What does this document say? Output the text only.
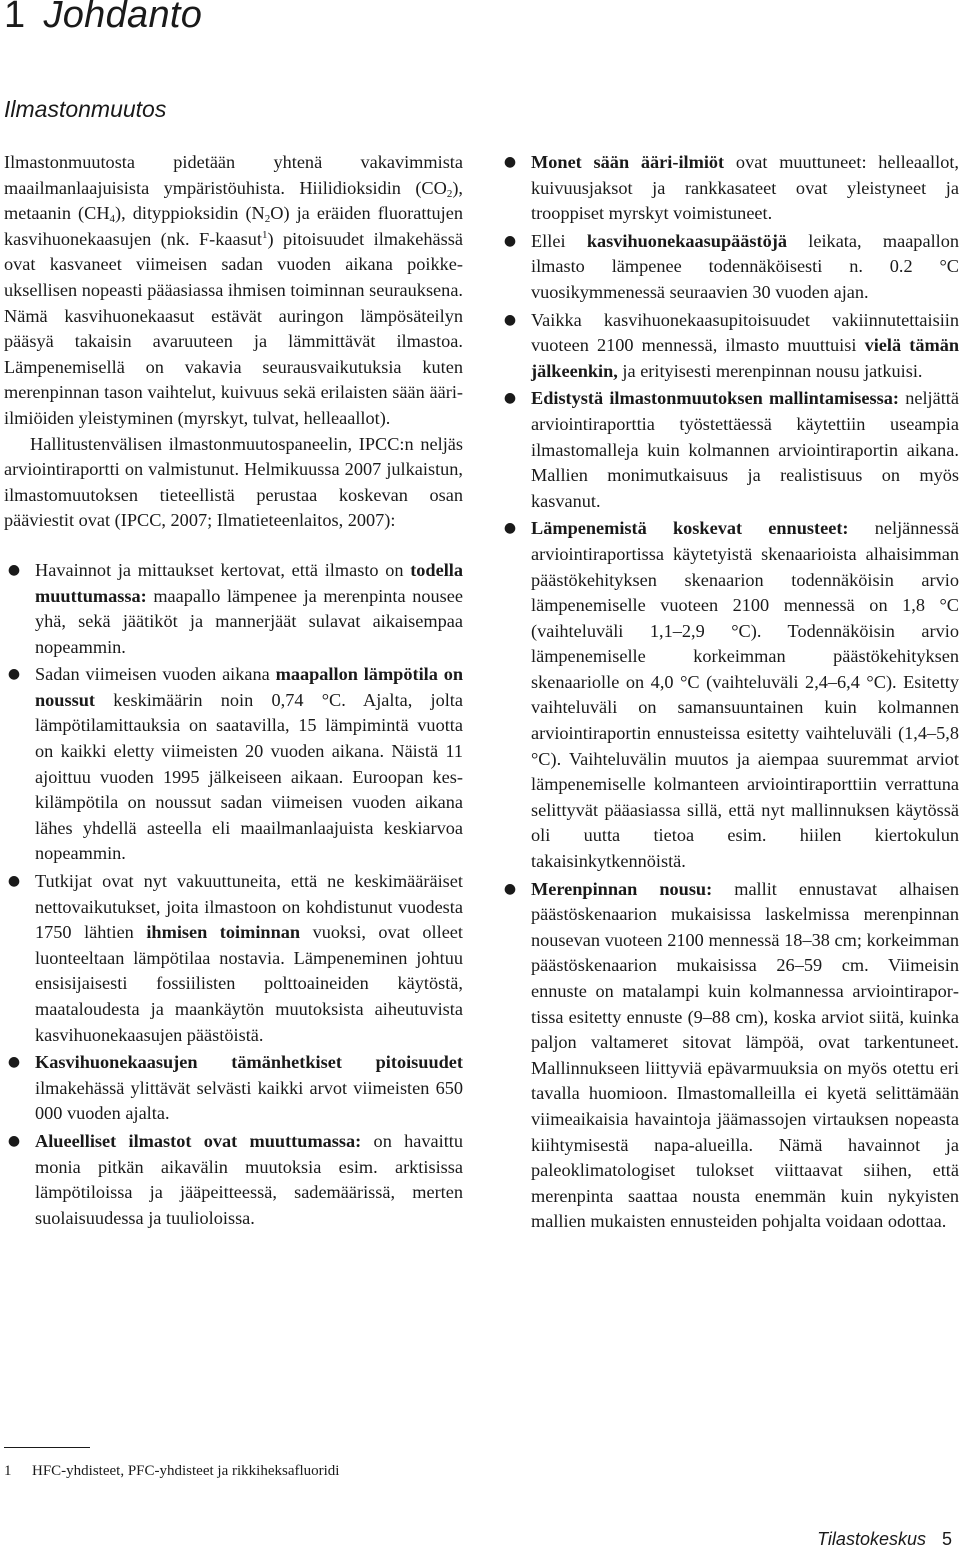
1 Johdanto
Ilmastonmuutos

Ilmastonmuutosta pidetään yhtenä vakavimmista maailmanlaajuisista ympäristöuhista. Hiilidioksidin $(CO_2)$, metaanin $(CH_4)$, dityppioksidin $(N_2O)$ ja eräiden fluorattujen kasvihuonekaasujen (nk. F-kaasut$^1$) pitoisuudet ilmakehässä ovat kasvaneet viimeisen sadan vuoden aikana poikkeuksellisen nopeasti pääasiassa ihmisen toiminnan seurauksena. Nämä kasvihuonekaasut estävät auringon lämpösäteilyn pääsyä takaisin avaruuteen ja lämmittävät ilmastoa. Lämpenemisellä on vakavia seurausvaikutuksia kuten merenpinnan tason vaihtelut, kuivuus sekä erilaisten sään ääri-ilmiöiden yleistyminen (myrskyt, tulvat, helleaallot).

Hallitustenvälisen ilmastonmuutospaneelin, IPCC:n neljäs arviointiraportti on valmistunut. Helmikuussa 2007 julkaistun, ilmastomuutoksen tieteellistä perustaa koskevan osan pääviestit ovat (IPCC, 2007; Ilmatieteenlaitos, 2007):

● Havainnot ja mittaukset kertovat, että ilmasto on todella muuttumassa: maapallo lämpenee ja merenpinta nousee yhä, sekä jäätiköt ja mannerjäät sulavat aikaisempaa nopeammin.
● Sadan viimeisen vuoden aikana maapallon lämpötila on noussut keskimäärin noin 0,74 °C. Ajalta, jolta lämpötilamittauksia on saatavilla, 15 lämpimintä vuotta on kaikki eletty viimeisten 20 vuoden aikana. Näistä 11 ajoittuu vuoden 1995 jälkeiseen aikaan. Euroopan keskilämpötila on noussut sadan viimeisen vuoden aikana lähes yhdellä asteella eli maailmanlaajuista keskiarvoa nopeammin.
● Tutkijat ovat nyt vakuuttuneita, että ne keskimääräiset nettovaikutukset, joita ilmastoon on kohdistunut vuodesta 1750 lähtien ihmisen toiminnan vuoksi, ovat olleet luonteeltaan lämpötilaa nostavia. Lämpeneminen johtuu ensisijaisesti fossiilisten polttoaineiden käytöstä, maataloudesta ja maankäytön muutoksista aiheutuvista kasvihuonekaasujen päästöistä.
● Kasvihuonekaasujen tämänhetkiset pitoisuudet ilmakehässä ylittävät selvästi kaikki arvot viimeisten 650 000 vuoden ajalta.
● Alueelliset ilmastot ovat muuttumassa: on havaittu monia pitkän aikavälin muutoksia esim. arktisissa lämpötiloissa ja jääpeitteessä, sademäärissä, merten suolaisuudessa ja tuulioloissa.
● Monet sään ääri-ilmiöt ovat muuttuneet: helleaallot, kuivuusjaksot ja rankkasateet ovat yleistyneet ja trooppiset myrskyt voimistuneet.
● Ellei kasvihuonekaasupäästöjä leikata, maapallon ilmasto lämpenee todennäköisesti n. 0.2 °C vuosikymmenessä seuraavien 30 vuoden ajan.
● Vaikka kasvihuonekaasupitoisuudet vakiinnutettaisiin vuoteen 2100 mennessä, ilmasto muuttuisi vielä tämän jälkeenkin, ja erityisesti merenpinnan nousu jatkuisi.
● Edistystä ilmastonmuutoksen mallintamisessa: neljättä arviointiraporttia työstettäessä käytettiin useampia ilmastomalleja kuin kolmannen arviointiraportin aikana. Mallien monimutkaisuus ja realistisuus on myös kasvanut.
● Lämpenemistä koskevat ennusteet: neljännessä arviointiraportissa käytetyistä skenaarioista alhaisimman päästökehityksen skenaarion todennäköisin arvio lämpenemiselle vuoteen 2100 mennessä on 1,8 °C (vaihteluväli 1,1–2,9 °C). Todennäköisin arvio lämpenemiselle korkeimman päästökehityksen skenaariolle on 4,0 °C (vaihteluväli 2,4–6,4 °C). Esitetty vaihteluväli on samansuuntainen kuin kolmannen arviointiraportin ennusteissa esitetty vaihteluväli (1,4–5,8 °C). Vaihteluvälin muutos ja aiempaa suuremmat arviot lämpenemiselle kolmanteen arviointiraporttiin verrattuna selittyvät pääasiassa sillä, että nyt mallinnuksen käytössä oli uutta tietoa esim. hiilen kiertokulun takaisinkytkennöistä.
● Merenpinnan nousu: mallit ennustavat alhaisen päästöskenaarion mukaisissa laskelmissa merenpinnan nousevan vuoteen 2100 mennessä 18–38 cm; korkeimman päästöskenaarion mukaisissa 26–59 cm. Viimeisin ennuste on matalampi kuin kolmannessa arviointiraportissa esitetty ennuste (9–88 cm), koska arviot siitä, kuinka paljon valtameret sitovat lämpöä, ovat tarkentuneet. Mallinnukseen liittyviä epävarmuuksia on myös otettu eri tavalla huomioon. Ilmastomalleilla ei kyetä selittämään viimeaikaisia havaintoja jäämassojen virtauksen nopeasta kiihtymisestä napa-alueilla. Nämä havainnot ja paleoklimatologiset tulokset viittaavat siihen, että merenpinta saattaa nousta enemmän kuin nykyisten mallien mukaisten ennusteiden pohjalta voidaan odottaa.
1 HFC-yhdisteet, PFC-yhdisteet ja rikkiheksafluoridi
Tilastokeskus 5
